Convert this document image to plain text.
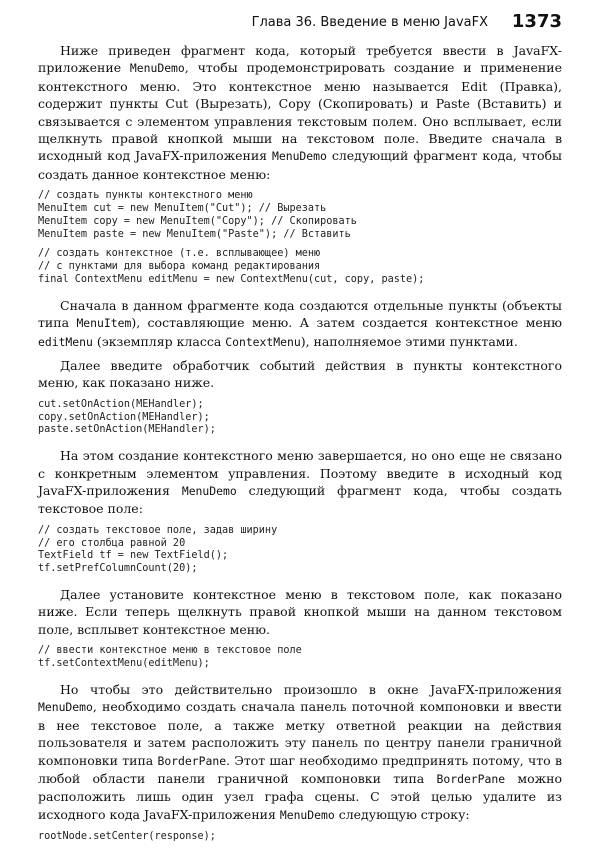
Глава 36. Введение в меню JavaFX 1373

Ниже приведен фрагмент кода, который требуется ввести в JavaFX-приложение MenuDemo, чтобы продемонстрировать создание и применение контекстного меню. Это контекстное меню называется Edit (Правка), содержит пункты Cut (Вырезать), Copy (Скопировать) и Paste (Вставить) и связывается с элементом управления текстовым полем. Оно всплывает, если щелкнуть правой кнопкой мыши на текстовом поле. Введите сначала в исходный код JavaFX-приложения MenuDemo следующий фрагмент кода, чтобы создать данное контекстное меню:

// создать пункты контекстного меню
MenuItem cut = new MenuItem("Cut"); // Вырезать
MenuItem copy = new MenuItem("Copy"); // Скопировать
MenuItem paste = new MenuItem("Paste"); // Вставить
// создать контекстное (т.е. всплывающее) меню
// с пунктами для выбора команд редактирования
final ContextMenu editMenu = new ContextMenu(cut, copy, paste);

Сначала в данном фрагменте кода создаются отдельные пункты (объекты типа MenuItem), составляющие меню. А затем создается контекстное меню editMenu (экземпляр класса ContextMenu), наполняемое этими пунктами.

Далее введите обработчик событий действия в пункты контекстного меню, как показано ниже.

cut.setOnAction(MEHandler);
copy.setOnAction(MEHandler);
paste.setOnAction(MEHandler);

На этом создание контекстного меню завершается, но оно еще не связано с конкретным элементом управления. Поэтому введите в исходный код JavaFX-приложения MenuDemo следующий фрагмент кода, чтобы создать текстовое поле:

// создать текстовое поле, задав ширину
// его столбца равной 20
TextField tf = new TextField();
tf.setPrefColumnCount(20);

Далее установите контекстное меню в текстовом поле, как показано ниже. Если теперь щелкнуть правой кнопкой мыши на данном текстовом поле, всплывет контекстное меню.

// ввести контекстное меню в текстовое поле
tf.setContextMenu(editMenu);

Но чтобы это действительно произошло в окне JavaFX-приложения MenuDemo, необходимо создать сначала панель поточной компоновки и ввести в нее текстовое поле, а также метку ответной реакции на действия пользователя и затем расположить эту панель по центру панели граничной компоновки типа BorderPane. Этот шаг необходимо предпринять потому, что в любой области панели граничной компоновки типа BorderPane можно расположить лишь один узел графа сцены. С этой целью удалите из исходного кода JavaFX-приложения MenuDemo следующую строку:

rootNode.setCenter(response);
